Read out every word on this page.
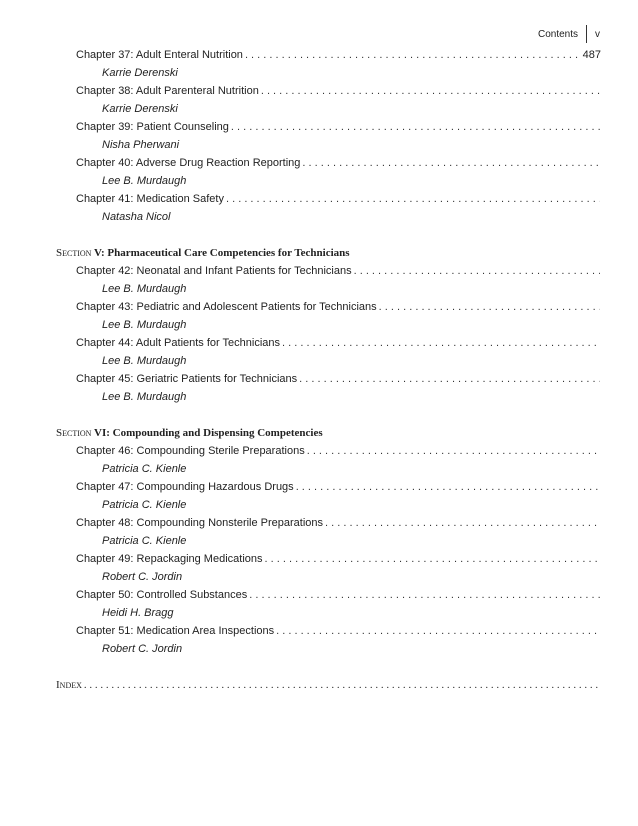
Contents v
Chapter 37: Adult Enteral Nutrition
. . .	487
Karrie Derenski
Chapter 38: Adult Parenteral Nutrition
. . .
Karrie Derenski
Chapter 39: Patient Counseling
. . .
Nisha Pherwani
Chapter 40: Adverse Drug Reaction Reporting
. . .
Lee B. Murdaugh
Chapter 41: Medication Safety
. . .
Natasha Nicol
Section V: Pharmaceutical Care Competencies for Technicians
Chapter 42: Neonatal and Infant Patients for Technicians
. . .
Lee B. Murdaugh
Chapter 43: Pediatric and Adolescent Patients for Technicians
. . .
Lee B. Murdaugh
Chapter 44: Adult Patients for Technicians
. . .
Lee B. Murdaugh
Chapter 45: Geriatric Patients for Technicians
. . .
Lee B. Murdaugh
Section VI: Compounding and Dispensing Competencies
Chapter 46: Compounding Sterile Preparations
. . .
Patricia C. Kienle
Chapter 47: Compounding Hazardous Drugs
. . .
Patricia C. Kienle
Chapter 48: Compounding Nonsterile Preparations
. . .
Patricia C. Kienle
Chapter 49: Repackaging Medications
. . .
Robert C. Jordin
Chapter 50: Controlled Substances
. . .
Heidi H. Bragg
Chapter 51: Medication Area Inspections
. . .
Robert C. Jordin
Index
. . .
